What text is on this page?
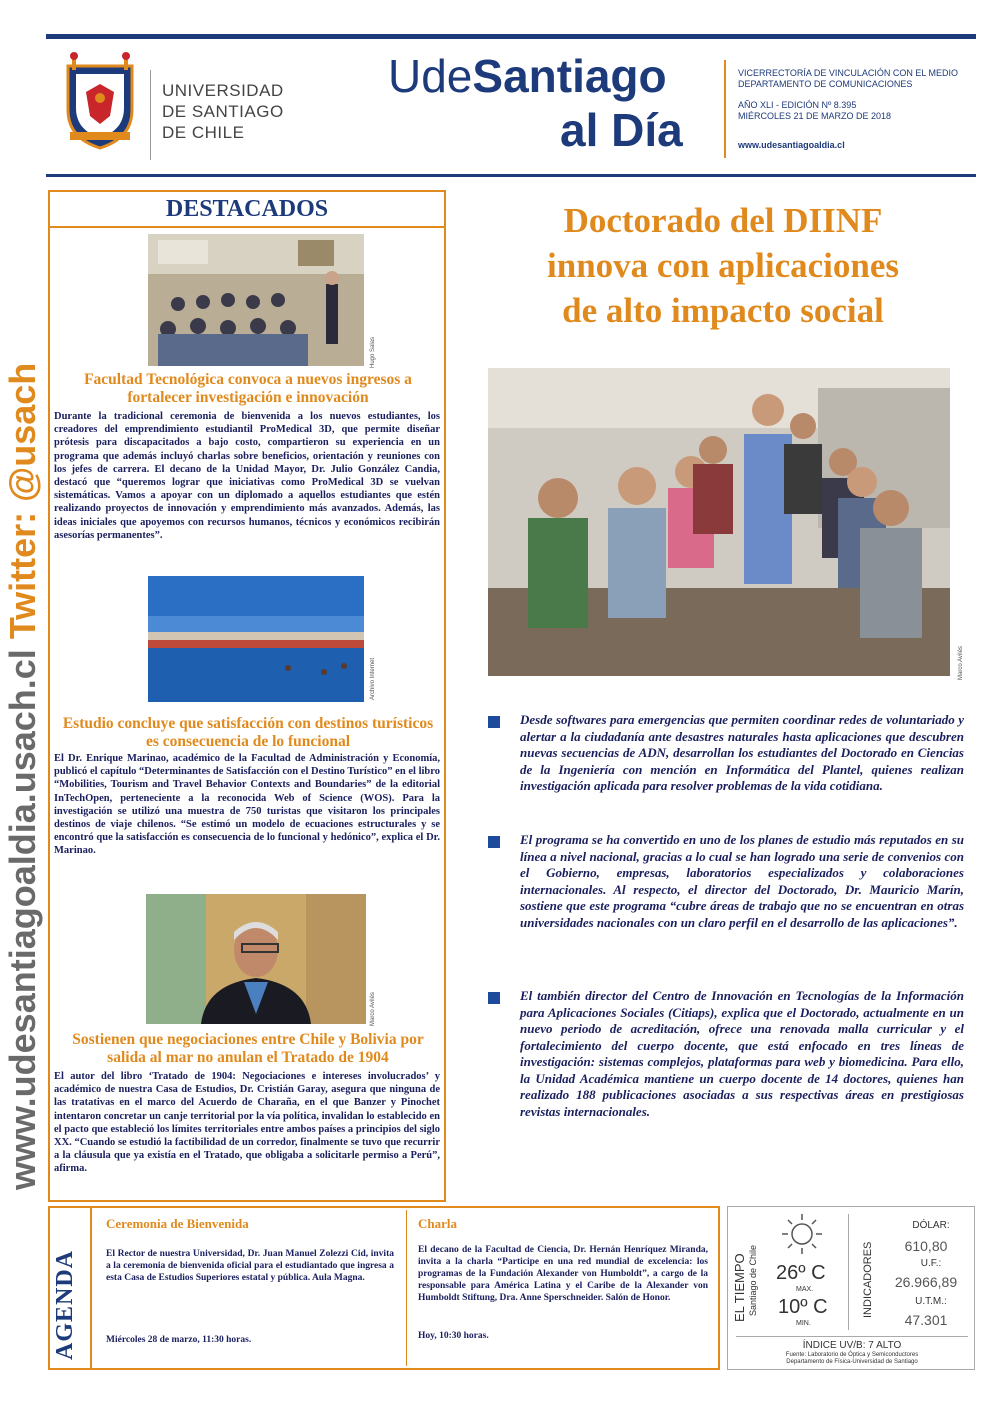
UNIVERSIDAD
DE SANTIAGO
DE CHILE
UdeSantiago
al Día
VICERRECTORÍA DE VINCULACIÓN CON EL MEDIO
DEPARTAMENTO DE COMUNICACIONES
AÑO XLI - EDICIÓN Nº 8.395
MIÉRCOLES 21 DE MARZO DE 2018
www.udesantiagoaldia.cl
www.udesantiagoaldia.usach.cl Twitter: @usach
DESTACADOS
Hugo Salas
Facultad Tecnológica convoca a nuevos ingresos a fortalecer investigación e innovación
Durante la tradicional ceremonia de bienvenida a los nuevos estudiantes, los creadores del emprendimiento estudiantil ProMedical 3D, que permite diseñar prótesis para discapacitados a bajo costo, compartieron su experiencia en un programa que además incluyó charlas sobre beneficios, orientación y reuniones con los jefes de carrera. El decano de la Unidad Mayor, Dr. Julio González Candia, destacó que “queremos lograr que iniciativas como ProMedical 3D se vuelvan sistemáticas. Vamos a apoyar con un diplomado a aquellos estudiantes que estén realizando proyectos de innovación y emprendimiento más avanzados. Además, las ideas iniciales que apoyemos con recursos humanos, técnicos y económicos recibirán asesorías permanentes”.
Archivo Internet
Estudio concluye que satisfacción con destinos turísticos es consecuencia de lo funcional
El Dr. Enrique Marinao, académico de la Facultad de Administración y Economía, publicó el capítulo “Determinantes de Satisfacción con el Destino Turístico” en el libro “Mobilities, Tourism and Travel Behavior Contexts and Boundaries” de la editorial InTechOpen, perteneciente a la reconocida Web of Science (WOS). Para la investigación se utilizó una muestra de 750 turistas que visitaron los principales destinos de viaje chilenos. “Se estimó un modelo de ecuaciones estructurales y se encontró que la satisfacción es consecuencia de lo funcional y hedónico”, explica el Dr. Marinao.
Marco Avilés
Sostienen que negociaciones entre Chile y Bolivia por salida al mar no anulan el Tratado de 1904
El autor del libro ‘Tratado de 1904: Negociaciones e intereses involucrados’ y académico de nuestra Casa de Estudios, Dr. Cristián Garay, asegura que ninguna de las tratativas en el marco del Acuerdo de Charaña, en el que Banzer y Pinochet intentaron concretar un canje territorial por la vía política, invalidan lo establecido en el pacto que estableció los límites territoriales entre ambos países a principios del siglo XX. “Cuando se estudió la factibilidad de un corredor, finalmente se tuvo que recurrir a la cláusula que ya existía en el Tratado, que obligaba a solicitarle permiso a Perú”, afirma.
Doctorado del DIINF
innova con aplicaciones
de alto impacto social
Marco Avilés
Desde softwares para emergencias que permiten coordinar redes de voluntariado y alertar a la ciudadanía ante desastres naturales hasta aplicaciones que descubren nuevas secuencias de ADN, desarrollan los estudiantes del Doctorado en Ciencias de la Ingeniería con mención en Informática del Plantel, quienes realizan investigación aplicada para resolver problemas de la vida cotidiana.
El programa se ha convertido en uno de los planes de estudio más reputados en su línea a nivel nacional, gracias a lo cual se han logrado una serie de convenios con el Gobierno, empresas, laboratorios especializados y colaboraciones internacionales. Al respecto, el director del Doctorado, Dr. Mauricio Marín, sostiene que este programa “cubre áreas de trabajo que no se encuentran en otras universidades nacionales con un claro perfil en el desarrollo de las aplicaciones”.
El también director del Centro de Innovación en Tecnologías de la Información para Aplicaciones Sociales (Citiaps), explica que el Doctorado, actualmente en un nuevo periodo de acreditación, ofrece una renovada malla curricular y el fortalecimiento del cuerpo docente, que está enfocado en tres líneas de investigación: sistemas complejos, plataformas para web y biomedicina. Para ello, la Unidad Académica mantiene un cuerpo docente de 14 doctores, quienes han realizado 188 publicaciones asociadas a sus respectivas áreas en prestigiosas revistas internacionales.
AGENDA
Ceremonia de Bienvenida
El Rector de nuestra Universidad, Dr. Juan Manuel Zolezzi Cid, invita a la ceremonia de bienvenida oficial para el estudiantado que ingresa a esta Casa de Estudios Superiores estatal y pública. Aula Magna.
Miércoles 28 de marzo, 11:30 horas.
Charla
El decano de la Facultad de Ciencia, Dr. Hernán Henríquez Miranda, invita a la charla “Participe en una red mundial de excelencia: los programas de la Fundación Alexander von Humboldt”, a cargo de la responsable para América Latina y el Caribe de la Alexander von Humboldt Stiftung, Dra. Anne Sperschneider. Salón de Honor.
Hoy, 10:30 horas.
EL TIEMPO Santiago de Chile 26º C
MAX.
10º C
MIN.
INDICADORES
DÓLAR:
610,80
U.F.:
26.966,89
U.T.M.:
47.301
ÍNDICE UV/B: 7 ALTO
Fuente: Laboratorio de Óptica y Semiconductores
Departamento de Física-Universidad de Santiago
